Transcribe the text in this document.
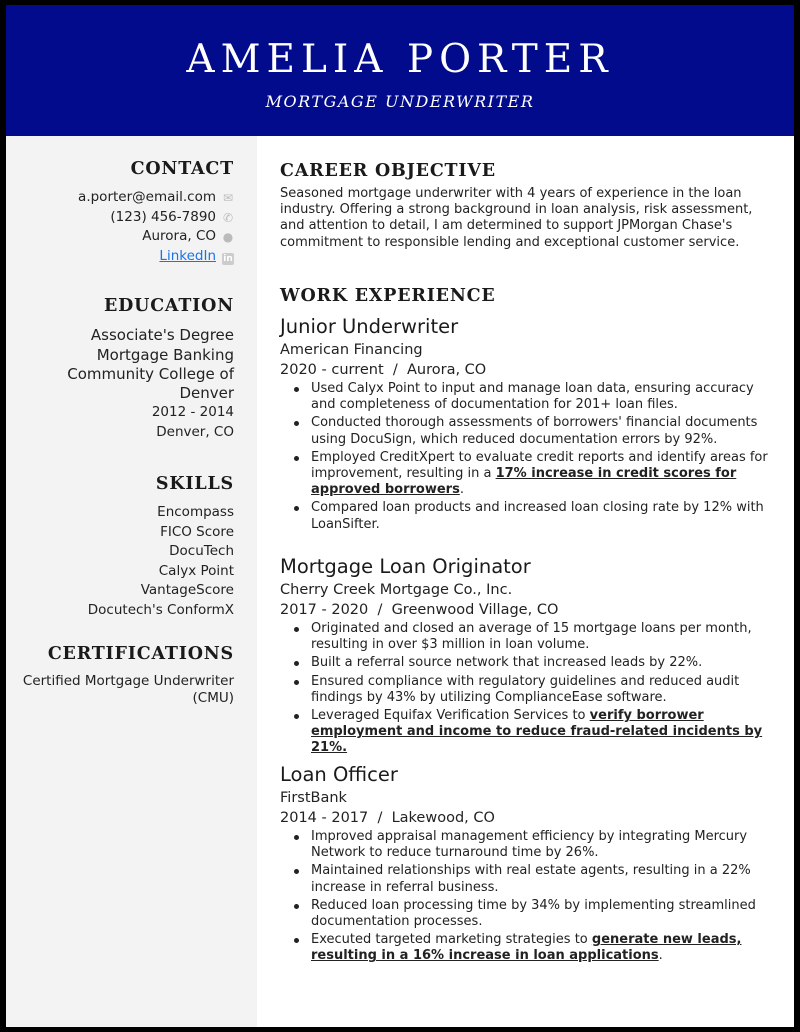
AMELIA PORTER
MORTGAGE UNDERWRITER
CONTACT
a.porter@email.com ✉
(123) 456-7890 ✆
Aurora, CO ●
LinkedIn in
EDUCATION
Associate's Degree
Mortgage Banking
Community College of Denver
2012 - 2014
Denver, CO
SKILLS
Encompass
FICO Score
DocuTech
Calyx Point
VantageScore
Docutech's ConformX
CERTIFICATIONS
Certified Mortgage Underwriter (CMU)
CAREER OBJECTIVE
Seasoned mortgage underwriter with 4 years of experience in the loan industry. Offering a strong background in loan analysis, risk assessment, and attention to detail, I am determined to support JPMorgan Chase's commitment to responsible lending and exceptional customer service.
WORK EXPERIENCE
Junior Underwriter
American Financing
2020 - current  /  Aurora, CO
Used Calyx Point to input and manage loan data, ensuring accuracy and completeness of documentation for 201+ loan files.
Conducted thorough assessments of borrowers' financial documents using DocuSign, which reduced documentation errors by 92%.
Employed CreditXpert to evaluate credit reports and identify areas for improvement, resulting in a 17% increase in credit scores for approved borrowers.
Compared loan products and increased loan closing rate by 12% with LoanSifter.
Mortgage Loan Originator
Cherry Creek Mortgage Co., Inc.
2017 - 2020  /  Greenwood Village, CO
Originated and closed an average of 15 mortgage loans per month, resulting in over $3 million in loan volume.
Built a referral source network that increased leads by 22%.
Ensured compliance with regulatory guidelines and reduced audit findings by 43% by utilizing ComplianceEase software.
Leveraged Equifax Verification Services to verify borrower employment and income to reduce fraud-related incidents by 21%.
Loan Officer
FirstBank
2014 - 2017  /  Lakewood, CO
Improved appraisal management efficiency by integrating Mercury Network to reduce turnaround time by 26%.
Maintained relationships with real estate agents, resulting in a 22% increase in referral business.
Reduced loan processing time by 34% by implementing streamlined documentation processes.
Executed targeted marketing strategies to generate new leads, resulting in a 16% increase in loan applications.
